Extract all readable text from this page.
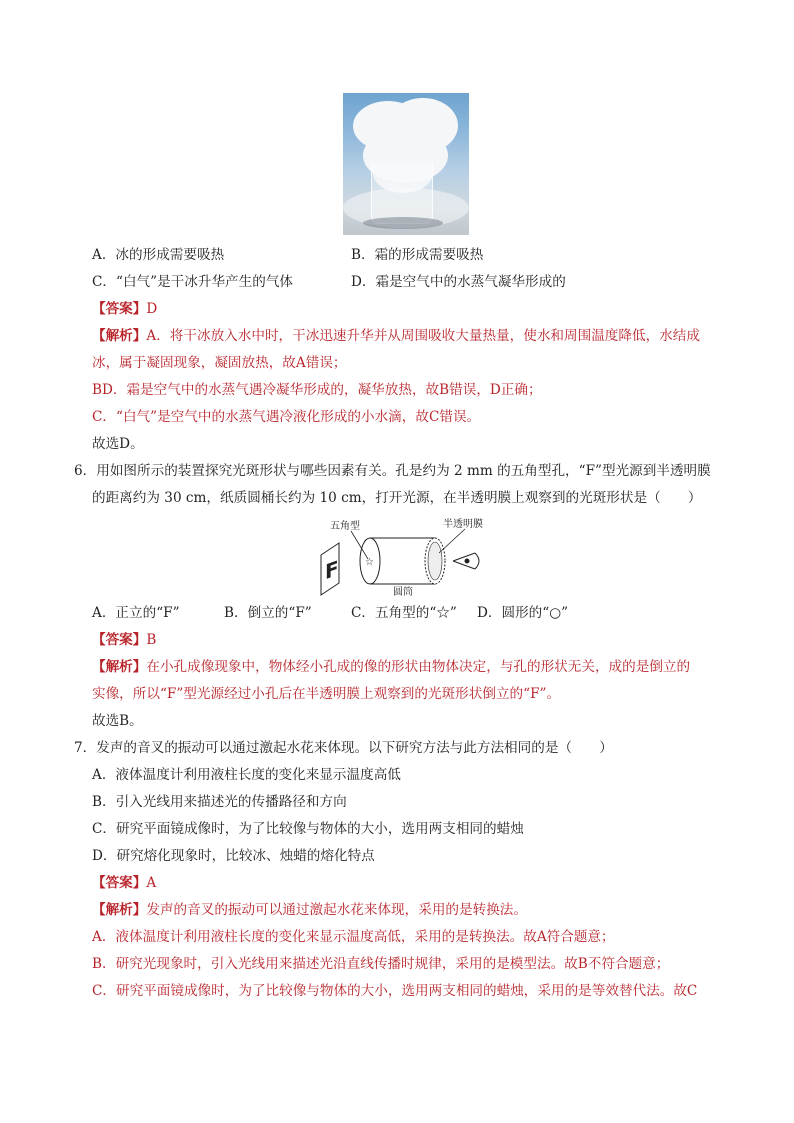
A．冰的形成需要吸热	B．霜的形成需要吸热
C．“白气”是干冰升华产生的气体	D．霜是空气中的水蒸气凝华形成的
【答案】D
【解析】A．将干冰放入水中时，干冰迅速升华并从周围吸收大量热量，使水和周围温度降低，水结成
冰，属于凝固现象，凝固放热，故A错误；
BD．霜是空气中的水蒸气遇冷凝华形成的，凝华放热，故B错误，D正确；
C．“白气”是空气中的水蒸气遇冷液化形成的小水滴，故C错误。
故选D。
6．用如图所示的装置探究光斑形状与哪些因素有关。孔是约为 2 mm 的五角型孔，“F”型光源到半透明膜
的距离约为 30 cm，纸质圆桶长约为 10 cm，打开光源，在半透明膜上观察到的光斑形状是（　　）
五角型	半透明膜
F	☆
圆筒
A．正立的“F”	B．倒立的“F”	C．五角型的“☆” D．圆形的“○”
【答案】B
【解析】在小孔成像现象中，物体经小孔成的像的形状由物体决定，与孔的形状无关，成的是倒立的
实像，所以“F”型光源经过小孔后在半透明膜上观察到的光斑形状倒立的“F”。
故选B。
7．发声的音叉的振动可以通过激起水花来体现。以下研究方法与此方法相同的是（　　）
A．液体温度计利用液柱长度的变化来显示温度高低
B．引入光线用来描述光的传播路径和方向
C．研究平面镜成像时，为了比较像与物体的大小，选用两支相同的蜡烛
D．研究熔化现象时，比较冰、烛蜡的熔化特点
【答案】A
【解析】发声的音叉的振动可以通过激起水花来体现，采用的是转换法。
A．液体温度计利用液柱长度的变化来显示温度高低，采用的是转换法。故A符合题意；
B．研究光现象时，引入光线用来描述光沿直线传播时规律，采用的是模型法。故B不符合题意；
C．研究平面镜成像时，为了比较像与物体的大小，选用两支相同的蜡烛，采用的是等效替代法。故C
